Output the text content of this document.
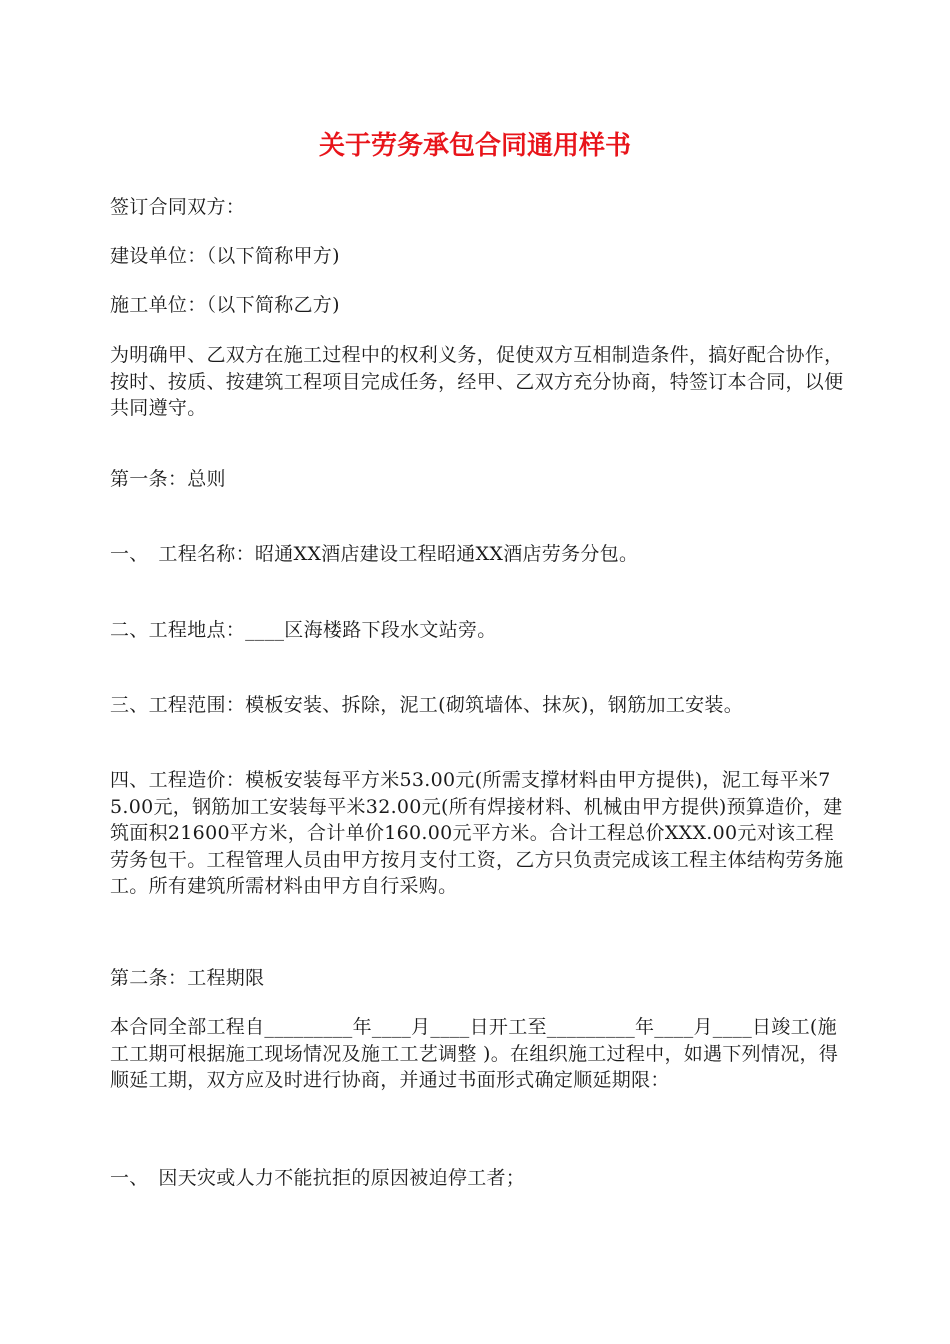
关于劳务承包合同通用样书
签订合同双方：
建设单位：（以下简称甲方)
施工单位：（以下简称乙方)
为明确甲、乙双方在施工过程中的权利义务，促使双方互相制造条件，搞好配合协作，按时、按质、按建筑工程项目完成任务，经甲、乙双方充分协商，特签订本合同，以便共同遵守。
第一条：总则
一、　工程名称：昭通XX酒店建设工程昭通XX酒店劳务分包。
二、工程地点：____区海楼路下段水文站旁。
三、工程范围：模板安装、拆除，泥工(砌筑墙体、抹灰)，钢筋加工安装。
四、工程造价：模板安装每平方米53.00元(所需支撑材料由甲方提供)，泥工每平米75.00元，钢筋加工安装每平米32.00元(所有焊接材料、机械由甲方提供)预算造价，建筑面积21600平方米，合计单价160.00元平方米。合计工程总价XXX.00元对该工程劳务包干。工程管理人员由甲方按月支付工资，乙方只负责完成该工程主体结构劳务施工。所有建筑所需材料由甲方自行采购。
第二条：工程期限
本合同全部工程自_________年____月____日开工至_________年____月____日竣工(施工工期可根据施工现场情况及施工工艺调整 )。在组织施工过程中，如遇下列情况，得顺延工期，双方应及时进行协商，并通过书面形式确定顺延期限：
一、　因天灾或人力不能抗拒的原因被迫停工者；
